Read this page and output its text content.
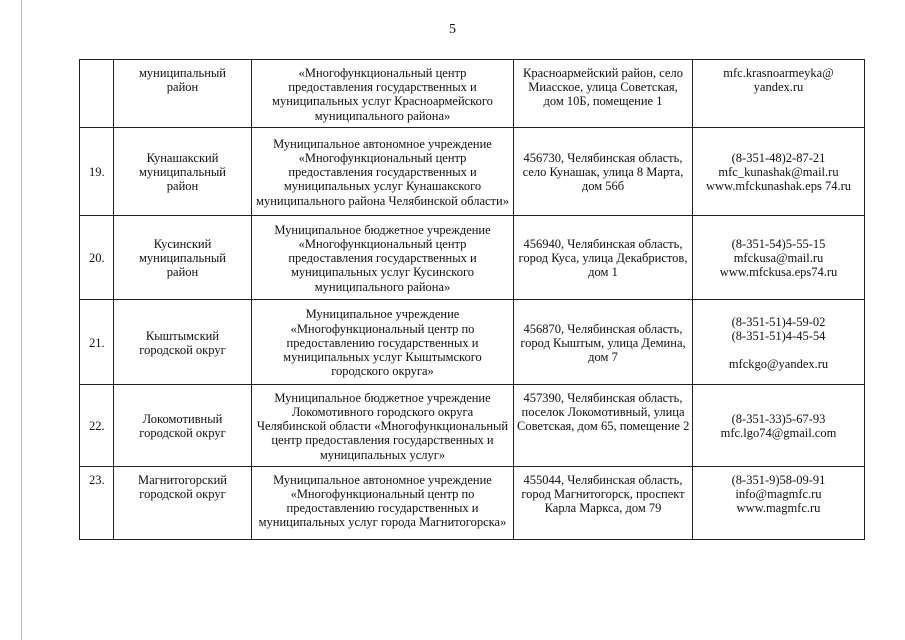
5

	муниципальный
район	«Многофункциональный центр
предоставления государственных и
муниципальных услуг Красноармейского
муниципального района»	Красноармейский район, село
Миасское, улица Советская,
дом 10Б, помещение 1	mfc.krasnoarmeyka@
yandex.ru

19.	Кунашакский
муниципальный
район	Муниципальное автономное учреждение
«Многофункциональный центр
предоставления государственных и
муниципальных услуг Кунашакского
муниципального района Челябинской области»	456730, Челябинская область,
село Кунашак, улица 8 Марта,
дом 56б	(8-351-48)2-87-21
mfc_kunashak@mail.ru
www.mfckunashak.eps 74.ru

20.	Кусинский
муниципальный
район	Муниципальное бюджетное учреждение
«Многофункциональный центр
предоставления государственных и
муниципальных услуг Кусинского
муниципального района»	456940, Челябинская область,
город Куса, улица Декабристов,
дом 1	(8-351-54)5-55-15
mfckusa@mail.ru
www.mfckusa.eps74.ru

21.	Кыштымский
городской округ	Муниципальное учреждение
«Многофункциональный центр по
предоставлению государственных и
муниципальных услуг Кыштымского
городского округа»	456870, Челябинская область,
город Кыштым, улица Демина,
дом 7	(8-351-51)4-59-02
(8-351-51)4-45-54
mfckgo@yandex.ru

22.	Локомотивный
городской округ	Муниципальное бюджетное учреждение
Локомотивного городского округа
Челябинской области «Многофункциональный
центр предоставления государственных и
муниципальных услуг»	457390, Челябинская область,
поселок Локомотивный, улица
Советская, дом 65, помещение 2	(8-351-33)5-67-93
mfc.lgo74@gmail.com

23.	Магнитогорский
городской округ	Муниципальное автономное учреждение
«Многофункциональный центр по
предоставлению государственных и
муниципальных услуг города Магнитогорска»	455044, Челябинская область,
город Магнитогорск, проспект
Карла Маркса, дом 79	(8-351-9)58-09-91
info@magmfc.ru
www.magmfc.ru
